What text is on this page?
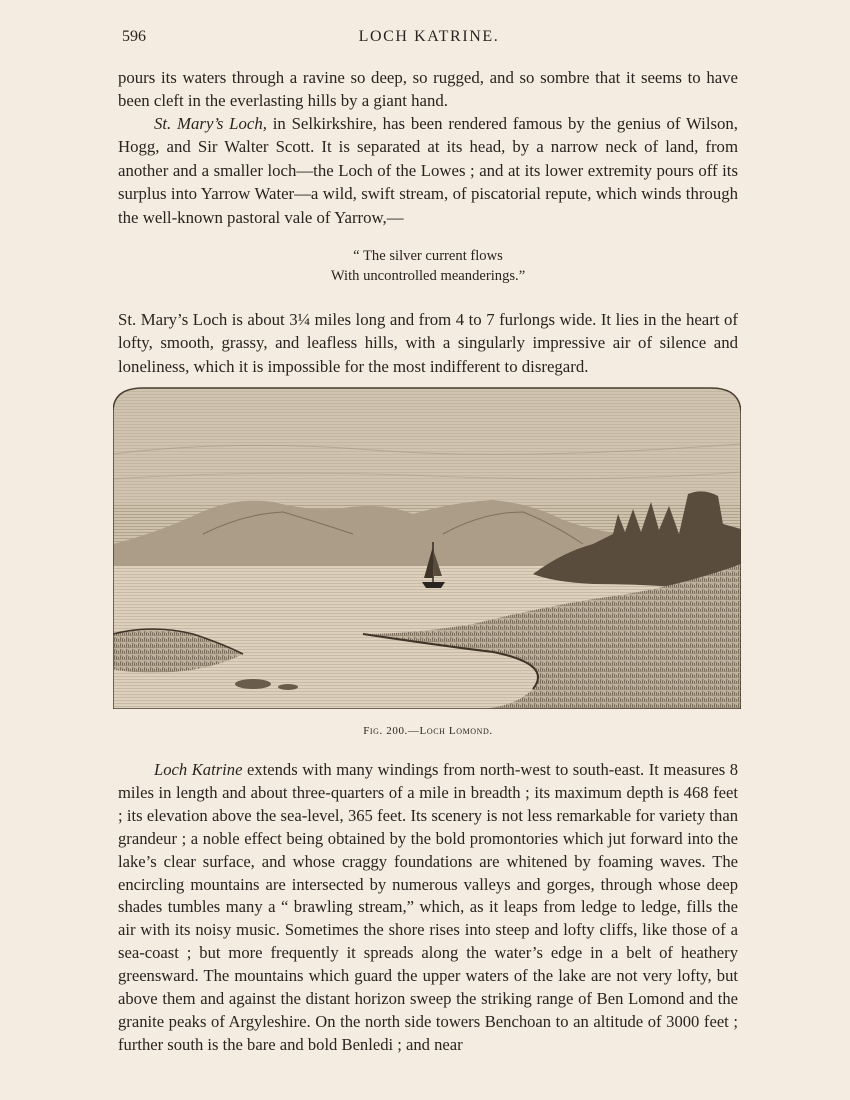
596	LOCH KATRINE.

pours its waters through a ravine so deep, so rugged, and so sombre that it seems to have been cleft in the everlasting hills by a giant hand.

St. Mary’s Loch, in Selkirkshire, has been rendered famous by the genius of Wilson, Hogg, and Sir Walter Scott. It is separated at its head, by a narrow neck of land, from another and a smaller loch—the Loch of the Lowes ; and at its lower extremity pours off its surplus into Yarrow Water—a wild, swift stream, of piscatorial repute, which winds through the well-known pastoral vale of Yarrow,—

“ The silver current flows
With uncontrolled meanderings.”

St. Mary’s Loch is about 3¼ miles long and from 4 to 7 furlongs wide. It lies in the heart of lofty, smooth, grassy, and leafless hills, with a singularly impressive air of silence and loneliness, which it is impossible for the most indifferent to disregard.

Fig. 200.—Loch Lomond.

Loch Katrine extends with many windings from north-west to south-east. It measures 8 miles in length and about three-quarters of a mile in breadth ; its maximum depth is 468 feet ; its elevation above the sea-level, 365 feet. Its scenery is not less remarkable for variety than grandeur ; a noble effect being obtained by the bold promontories which jut forward into the lake’s clear surface, and whose craggy foundations are whitened by foaming waves. The encircling mountains are intersected by numerous valleys and gorges, through whose deep shades tumbles many a “ brawling stream,” which, as it leaps from ledge to ledge, fills the air with its noisy music. Sometimes the shore rises into steep and lofty cliffs, like those of a sea-coast ; but more frequently it spreads along the water’s edge in a belt of heathery greensward. The mountains which guard the upper waters of the lake are not very lofty, but above them and against the distant horizon sweep the striking range of Ben Lomond and the granite peaks of Argyleshire. On the north side towers Benchoan to an altitude of 3000 feet ; further south is the bare and bold Benledi ; and near
